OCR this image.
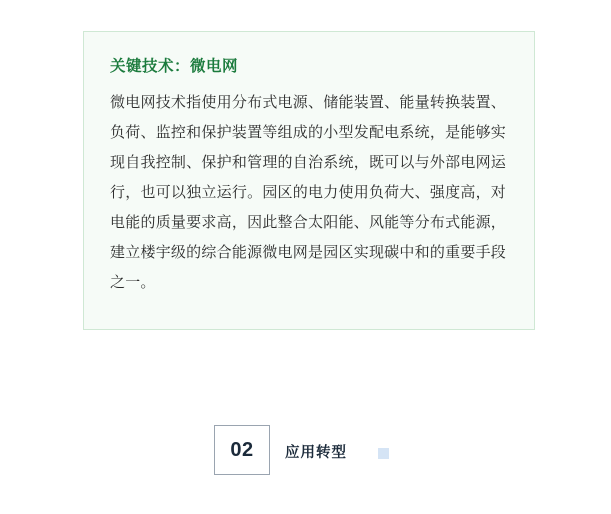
关键技术：微电网

微电网技术指使用分布式电源、储能装置、能量转换装置、负荷、监控和保护装置等组成的小型发配电系统，是能够实现自我控制、保护和管理的自治系统，既可以与外部电网运行，也可以独立运行。园区的电力使用负荷大、强度高，对电能的质量要求高，因此整合太阳能、风能等分布式能源，建立楼宇级的综合能源微电网是园区实现碳中和的重要手段之一。

02 应用转型
